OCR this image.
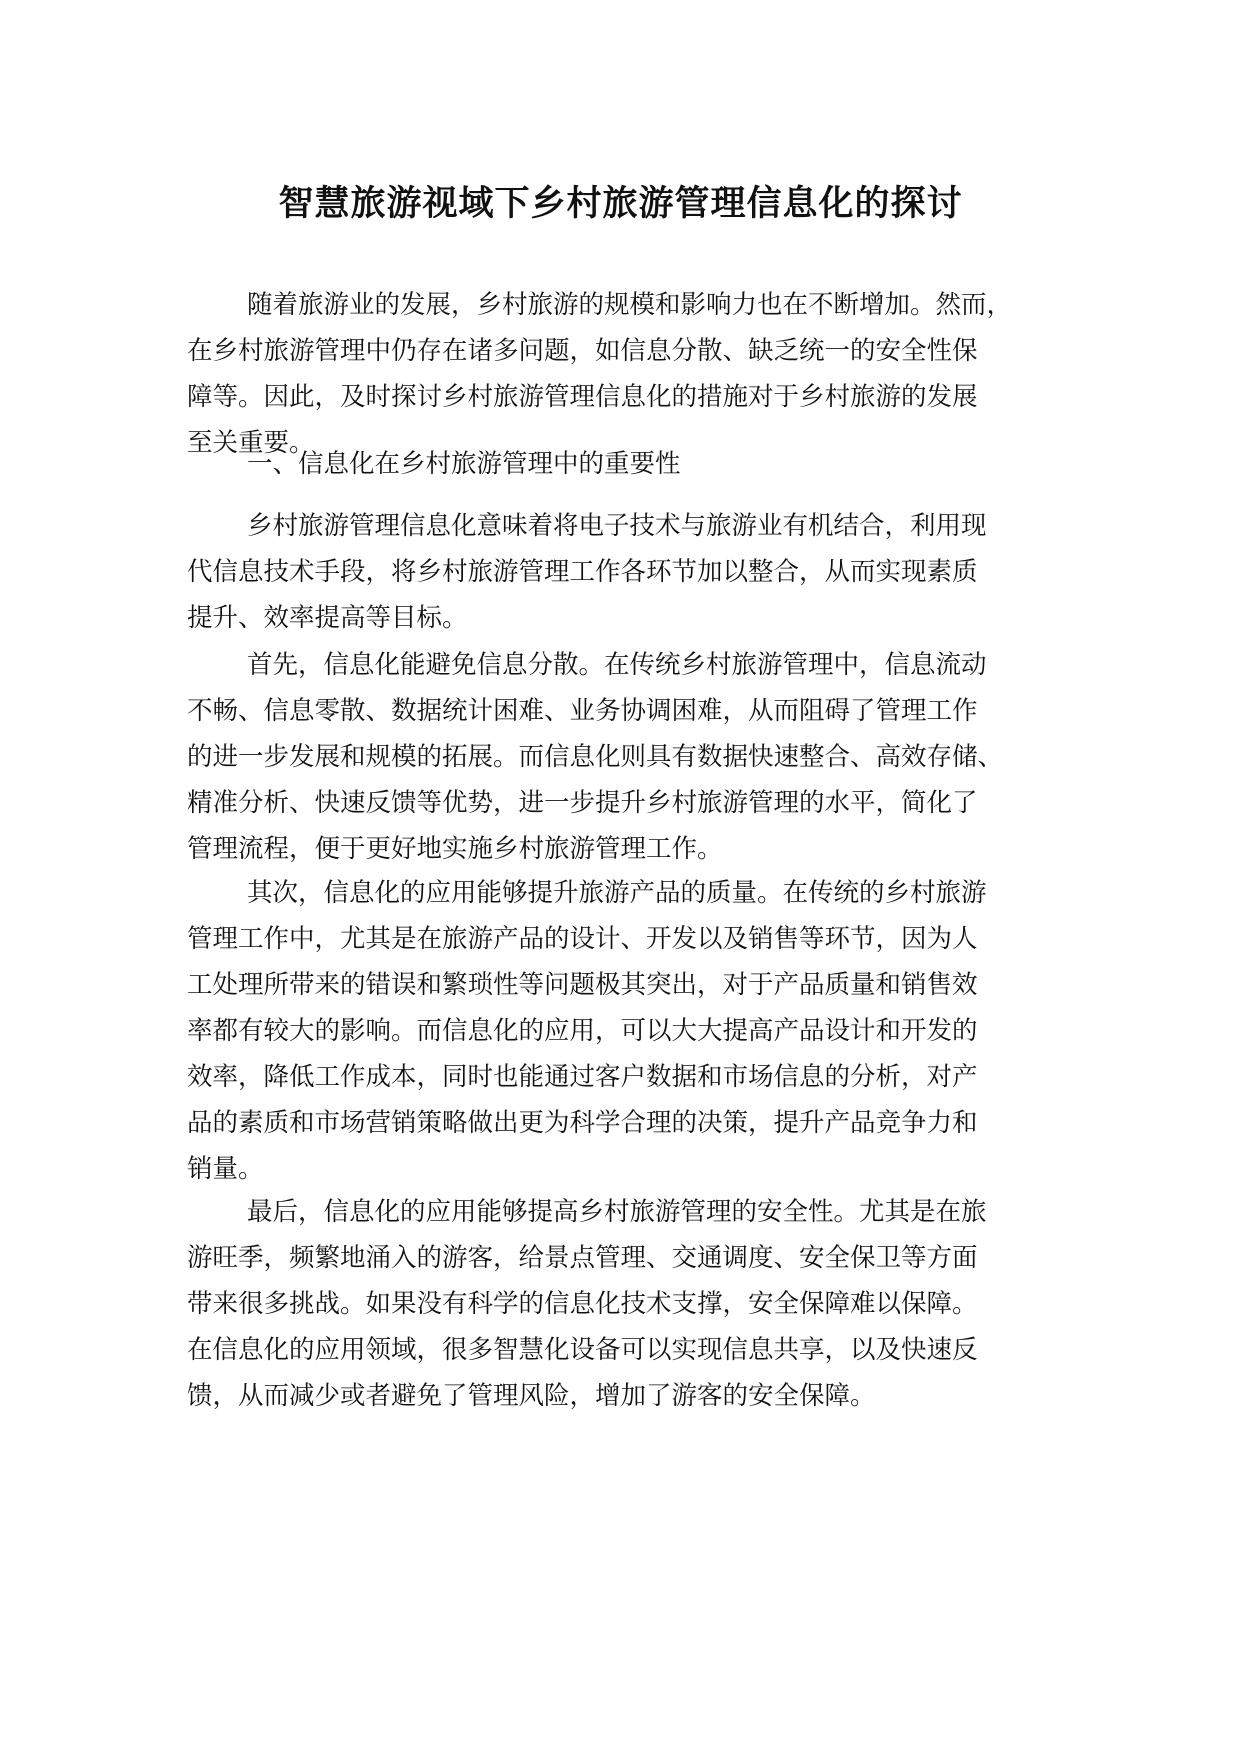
智慧旅游视域下乡村旅游管理信息化的探讨

随着旅游业的发展，乡村旅游的规模和影响力也在不断增加。然而，
在乡村旅游管理中仍存在诸多问题，如信息分散、缺乏统一的安全性保
障等。因此，及时探讨乡村旅游管理信息化的措施对于乡村旅游的发展
至关重要。

一、信息化在乡村旅游管理中的重要性

乡村旅游管理信息化意味着将电子技术与旅游业有机结合，利用现
代信息技术手段，将乡村旅游管理工作各环节加以整合，从而实现素质
提升、效率提高等目标。

首先，信息化能避免信息分散。在传统乡村旅游管理中，信息流动
不畅、信息零散、数据统计困难、业务协调困难，从而阻碍了管理工作
的进一步发展和规模的拓展。而信息化则具有数据快速整合、高效存储、
精准分析、快速反馈等优势，进一步提升乡村旅游管理的水平，简化了
管理流程，便于更好地实施乡村旅游管理工作。

其次，信息化的应用能够提升旅游产品的质量。在传统的乡村旅游
管理工作中，尤其是在旅游产品的设计、开发以及销售等环节，因为人
工处理所带来的错误和繁琐性等问题极其突出，对于产品质量和销售效
率都有较大的影响。而信息化的应用，可以大大提高产品设计和开发的
效率，降低工作成本，同时也能通过客户数据和市场信息的分析，对产
品的素质和市场营销策略做出更为科学合理的决策，提升产品竞争力和
销量。

最后，信息化的应用能够提高乡村旅游管理的安全性。尤其是在旅
游旺季，频繁地涌入的游客，给景点管理、交通调度、安全保卫等方面
带来很多挑战。如果没有科学的信息化技术支撑，安全保障难以保障。
在信息化的应用领域，很多智慧化设备可以实现信息共享，以及快速反
馈，从而减少或者避免了管理风险，增加了游客的安全保障。
